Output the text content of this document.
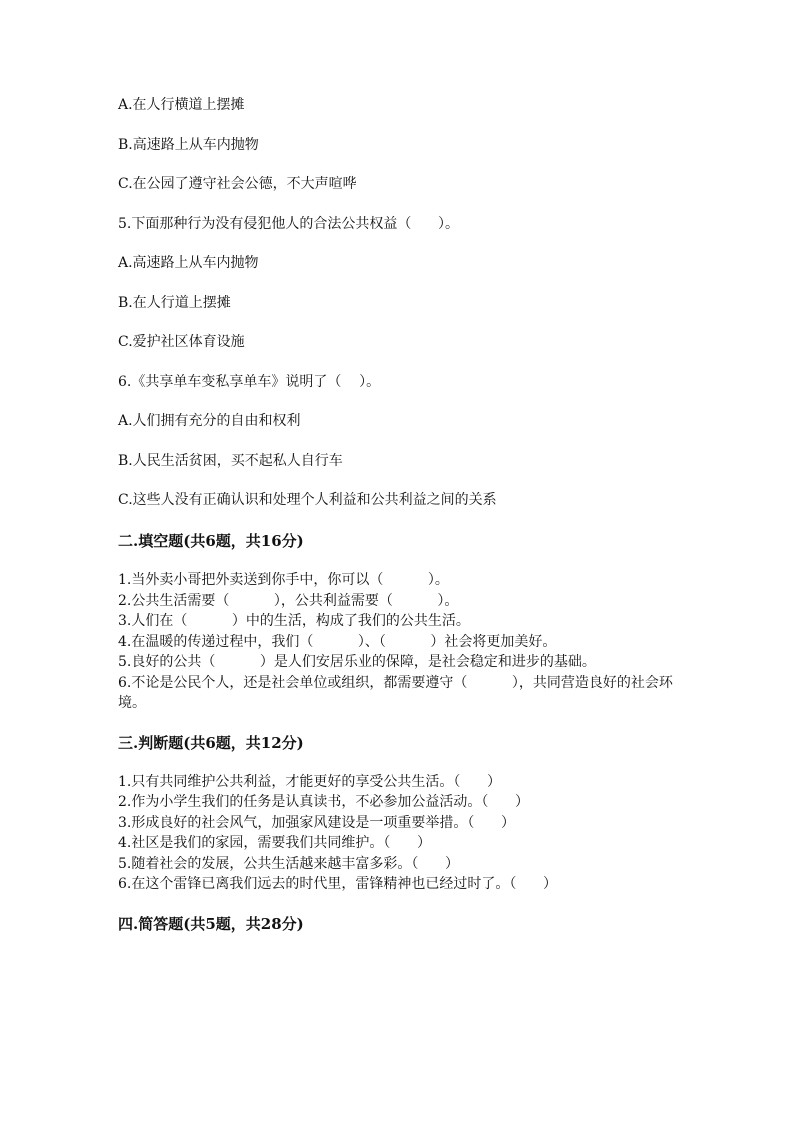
A.在人行横道上摆摊
B.高速路上从车内抛物
C.在公园了遵守社会公德，不大声喧哗
5.下面那种行为没有侵犯他人的合法公共权益（      ）。
A.高速路上从车内抛物
B.在人行道上摆摊
C.爱护社区体育设施
6.《共享单车变私享单车》说明了（    ）。
A.人们拥有充分的自由和权利
B.人民生活贫困，买不起私人自行车
C.这些人没有正确认识和处理个人利益和公共利益之间的关系
二.填空题(共6题，共16分)
1.当外卖小哥把外卖送到你手中，你可以（          ）。
2.公共生活需要（          ），公共利益需要（          ）。
3.人们在（          ）中的生活，构成了我们的公共生活。
4.在温暖的传递过程中，我们（          ）、（          ）社会将更加美好。
5.良好的公共（          ）是人们安居乐业的保障，是社会稳定和进步的基础。
6.不论是公民个人，还是社会单位或组织，都需要遵守（          ），共同营造良好的社会环境。
三.判断题(共6题，共12分)
1.只有共同维护公共利益，才能更好的享受公共生活。（      ）
2.作为小学生我们的任务是认真读书，不必参加公益活动。（      ）
3.形成良好的社会风气，加强家风建设是一项重要举措。（      ）
4.社区是我们的家园，需要我们共同维护。（      ）
5.随着社会的发展，公共生活越来越丰富多彩。（      ）
6.在这个雷锋已离我们远去的时代里，雷锋精神也已经过时了。（      ）
四.简答题(共5题，共28分)
